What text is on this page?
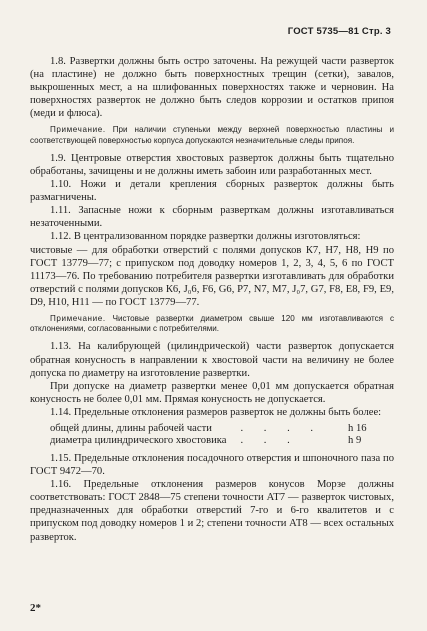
ГОСТ 5735—81 Стр. 3

1.8. Развертки должны быть остро заточены. На режущей части разверток (на пластине) не должно быть поверхностных трещин (сетки), завалов, выкрошенных мест, а на шлифованных поверхностях также и черновин. На поверхностях разверток не должно быть следов коррозии и остатков припоя (меди и флюса).

Примечание. При наличии ступеньки между верхней поверхностью пластины и соответствующей поверхностью корпуса допускаются незначительные следы припоя.

1.9. Центровые отверстия хвостовых разверток должны быть тщательно обработаны, зачищены и не должны иметь забоин или разработанных мест.

1.10. Ножи и детали крепления сборных разверток должны быть размагничены.

1.11. Запасные ножи к сборным разверткам должны изготавливаться незаточенными.

1.12. В централизованном порядке развертки должны изготовляться:

чистовые — для обработки отверстий с полями допусков К7, Н7, Н8, Н9 по ГОСТ 13779—77; с припуском под доводку номеров 1, 2, 3, 4, 5, 6 по ГОСТ 11173—76. По требованию потребителя развертки изготавливать для обработки отверстий с полями допусков К6, J₀6, F6, G6, Р7, N7, М7, J₀7, G7, F8, Е8, F9, Е9, D9, Н10, Н11 — по ГОСТ 13779—77.

Примечание. Чистовые развертки диаметром свыше 120 мм изготавливаются с отклонениями, согласованными с потребителями.

1.13. На калибрующей (цилиндрической) части разверток допускается обратная конусность в направлении к хвостовой части на величину не более допуска по диаметру на изготовление развертки.

При допуске на диаметр развертки менее 0,01 мм допускается обратная конусность не более 0,01 мм. Прямая конусность не допускается.

1.14. Предельные отклонения размеров разверток не должны быть более:

общей длины, длины рабочей части	. . . .	h 16
диаметра цилиндрического хвостовика	. . .	h 9

1.15. Предельные отклонения посадочного отверстия и шпоночного паза по ГОСТ 9472—70.

1.16. Предельные отклонения размеров конусов Морзе должны соответствовать: ГОСТ 2848—75 степени точности АТ7 — разверток чистовых, предназначенных для обработки отверстий 7-го и 6-го квалитетов и с припуском под доводку номеров 1 и 2; степени точности АТ8 — всех остальных разверток.

2*
